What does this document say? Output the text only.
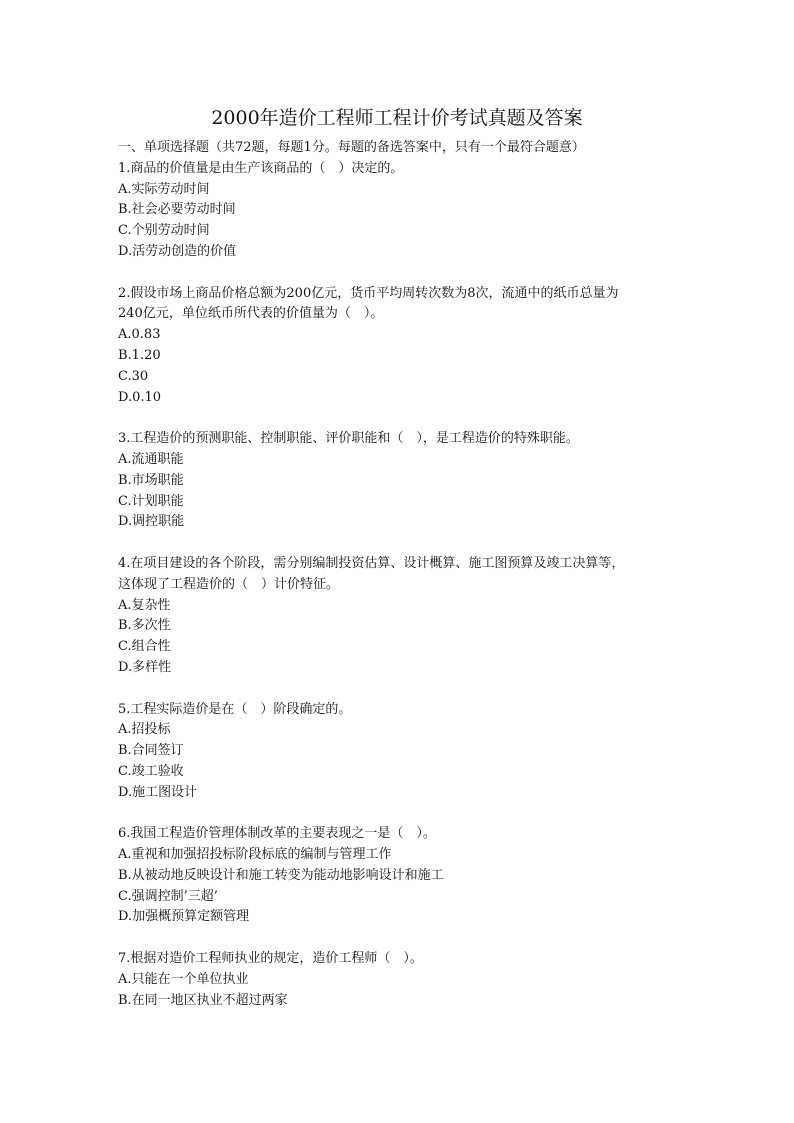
2000年造价工程师工程计价考试真题及答案
一、单项选择题（共72题，每题1分。每题的备选答案中，只有一个最符合题意）
1.商品的价值量是由生产该商品的（　）决定的。
A.实际劳动时间
B.社会必要劳动时间
C.个别劳动时间
D.活劳动创造的价值
2.假设市场上商品价格总额为200亿元，货币平均周转次数为8次，流通中的纸币总量为
240亿元，单位纸币所代表的价值量为（　）。
A.0.83
B.1.20
C.30
D.0.10
3.工程造价的预测职能、控制职能、评价职能和（　），是工程造价的特殊职能。
A.流通职能
B.市场职能
C.计划职能
D.调控职能
4.在项目建设的各个阶段，需分别编制投资估算、设计概算、施工图预算及竣工决算等，
这体现了工程造价的（　）计价特征。
A.复杂性
B.多次性
C.组合性
D.多样性
5.工程实际造价是在（　）阶段确定的。
A.招投标
B.合同签订
C.竣工验收
D.施工图设计
6.我国工程造价管理体制改革的主要表现之一是（　）。
A.重视和加强招投标阶段标底的编制与管理工作
B.从被动地反映设计和施工转变为能动地影响设计和施工
C.强调控制’三超’
D.加强概预算定额管理
7.根据对造价工程师执业的规定，造价工程师（　）。
A.只能在一个单位执业
B.在同一地区执业不超过两家
